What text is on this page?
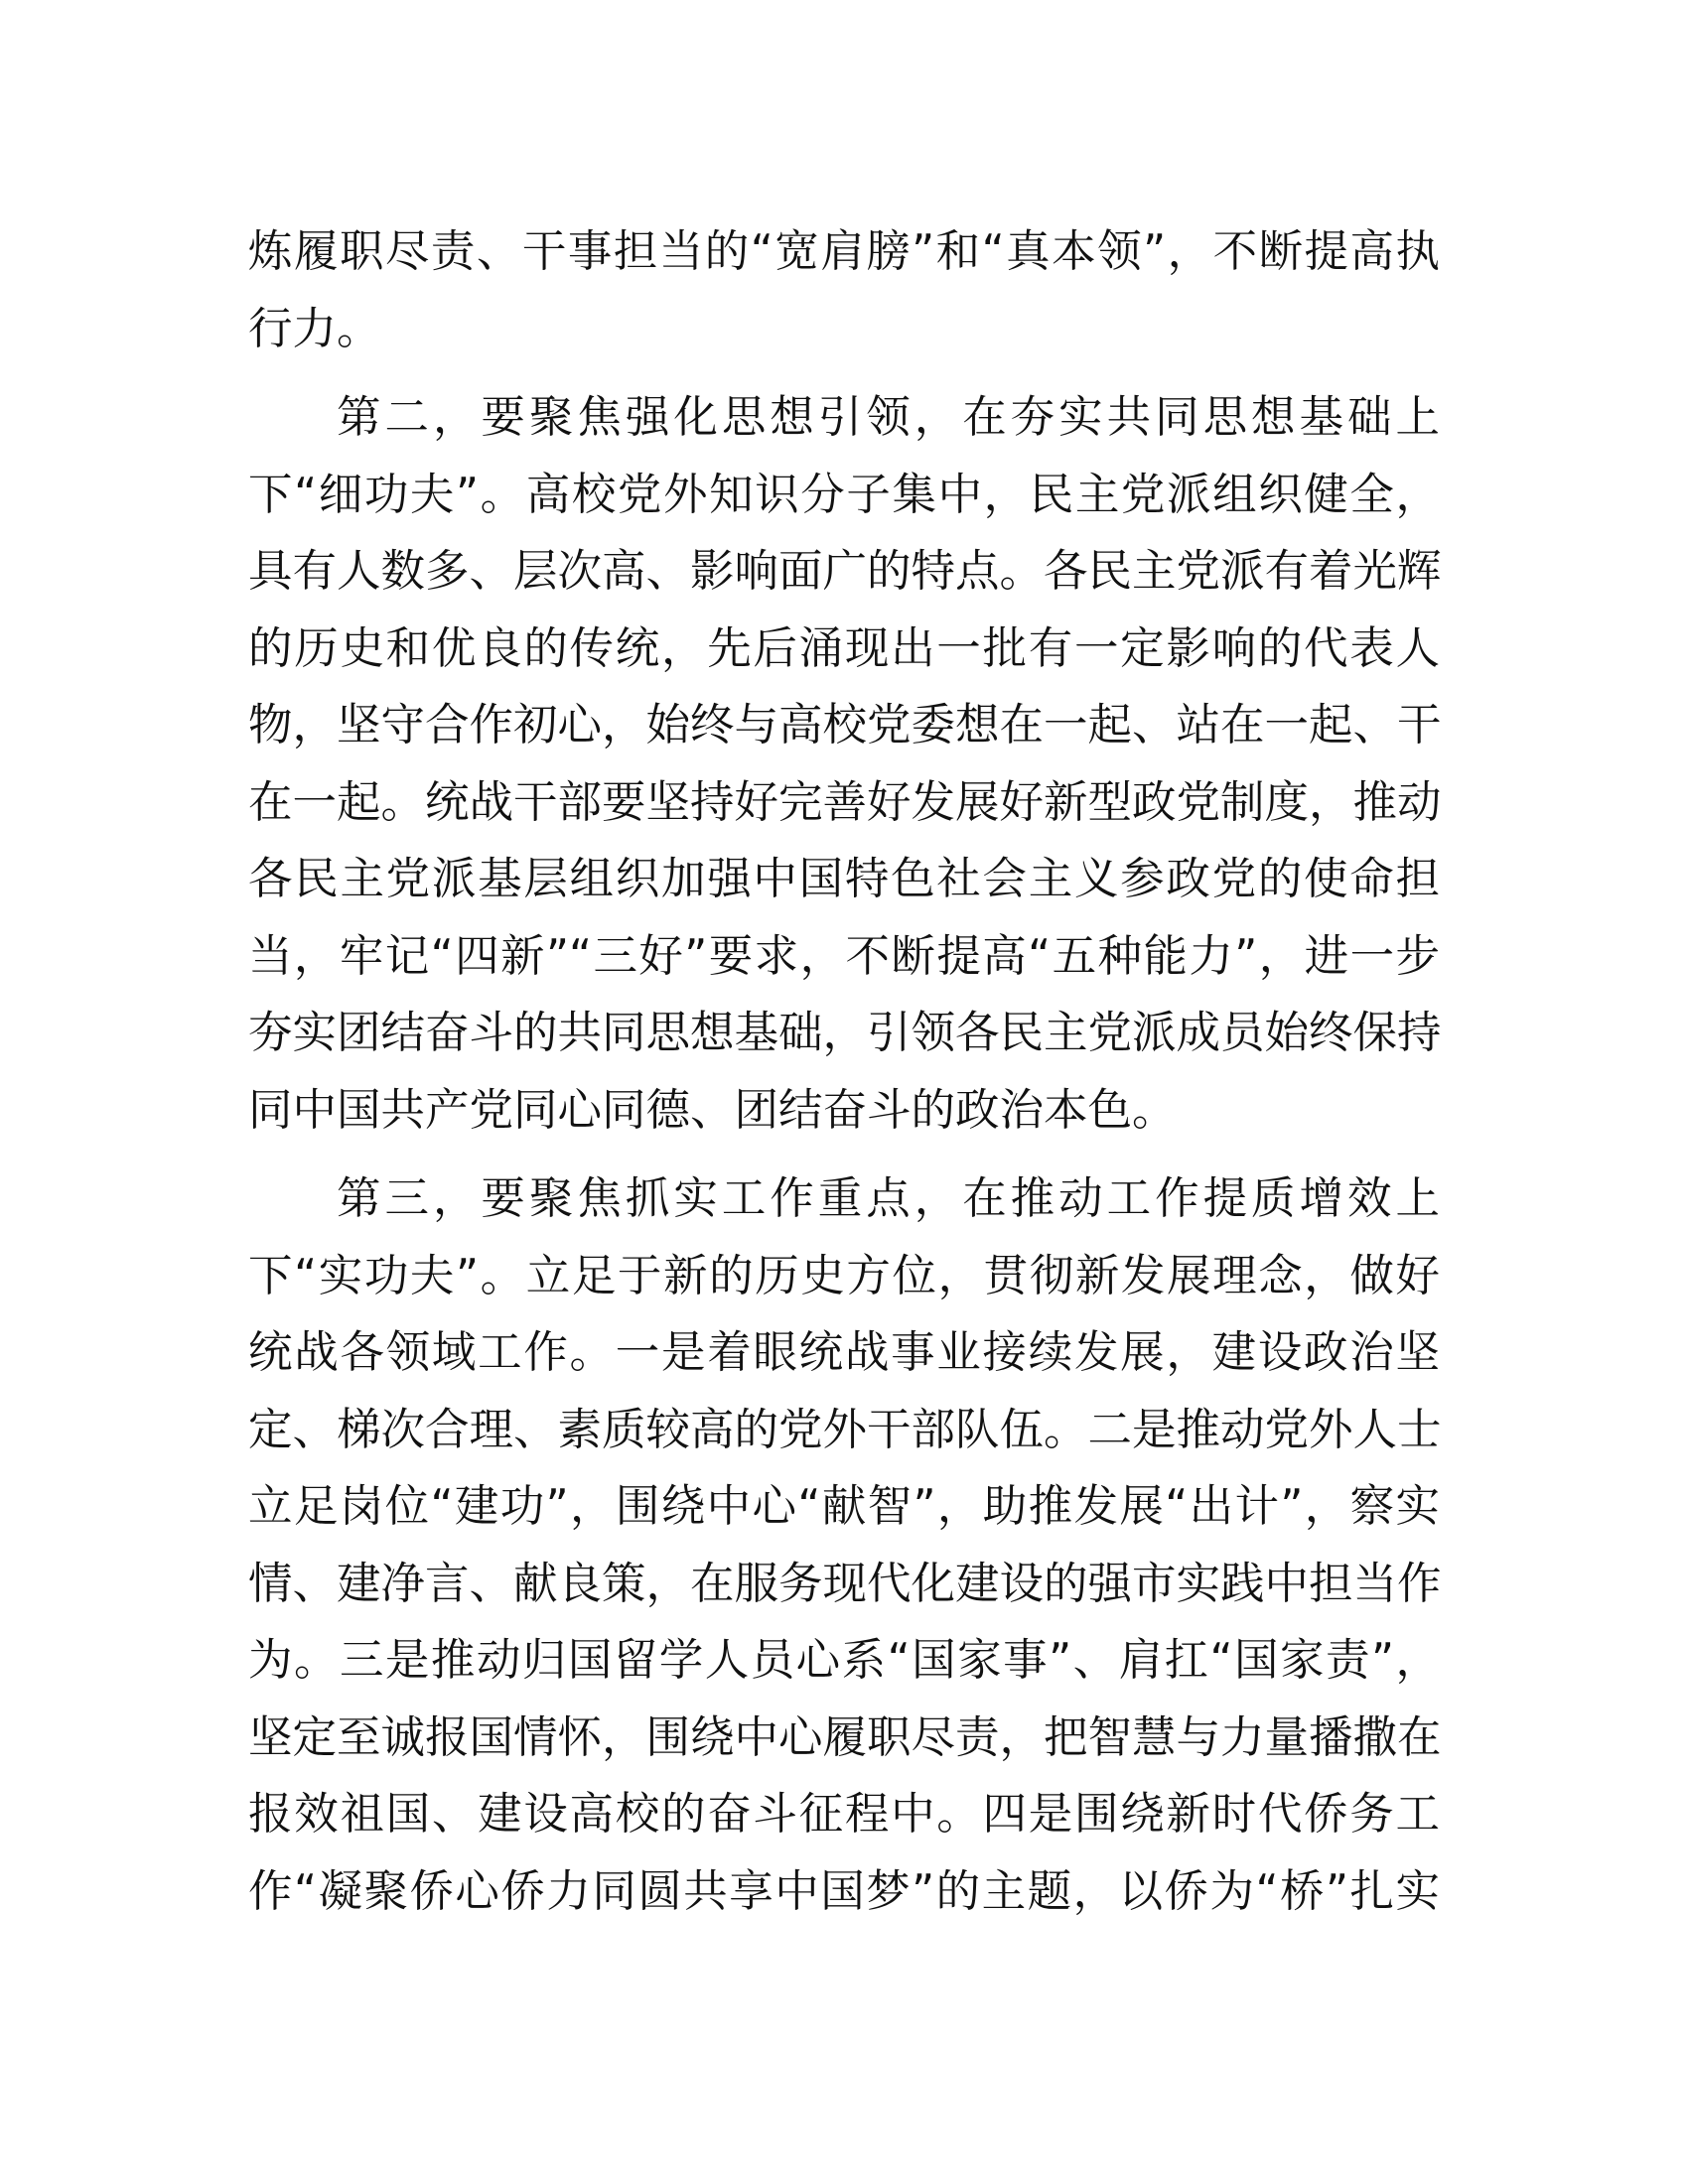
炼履职尽责、干事担当的“宽肩膀”和“真本领”，不断提高执
行力。

第二，要聚焦强化思想引领，在夯实共同思想基础上
下“细功夫”。高校党外知识分子集中，民主党派组织健全，
具有人数多、层次高、影响面广的特点。各民主党派有着光辉
的历史和优良的传统，先后涌现出一批有一定影响的代表人
物，坚守合作初心，始终与高校党委想在一起、站在一起、干
在一起。统战干部要坚持好完善好发展好新型政党制度，推动
各民主党派基层组织加强中国特色社会主义参政党的使命担
当，牢记“四新”“三好”要求，不断提高“五种能力”，进一步
夯实团结奋斗的共同思想基础，引领各民主党派成员始终保持
同中国共产党同心同德、团结奋斗的政治本色。

第三，要聚焦抓实工作重点，在推动工作提质增效上
下“实功夫”。立足于新的历史方位，贯彻新发展理念，做好
统战各领域工作。一是着眼统战事业接续发展，建设政治坚
定、梯次合理、素质较高的党外干部队伍。二是推动党外人士
立足岗位“建功”，围绕中心“献智”，助推发展“出计”，察实
情、建净言、献良策，在服务现代化建设的强市实践中担当作
为。三是推动归国留学人员心系“国家事”、肩扛“国家责”，
坚定至诚报国情怀，围绕中心履职尽责，把智慧与力量播撒在
报效祖国、建设高校的奋斗征程中。四是围绕新时代侨务工
作“凝聚侨心侨力同圆共享中国梦”的主题，以侨为“桥”扎实
